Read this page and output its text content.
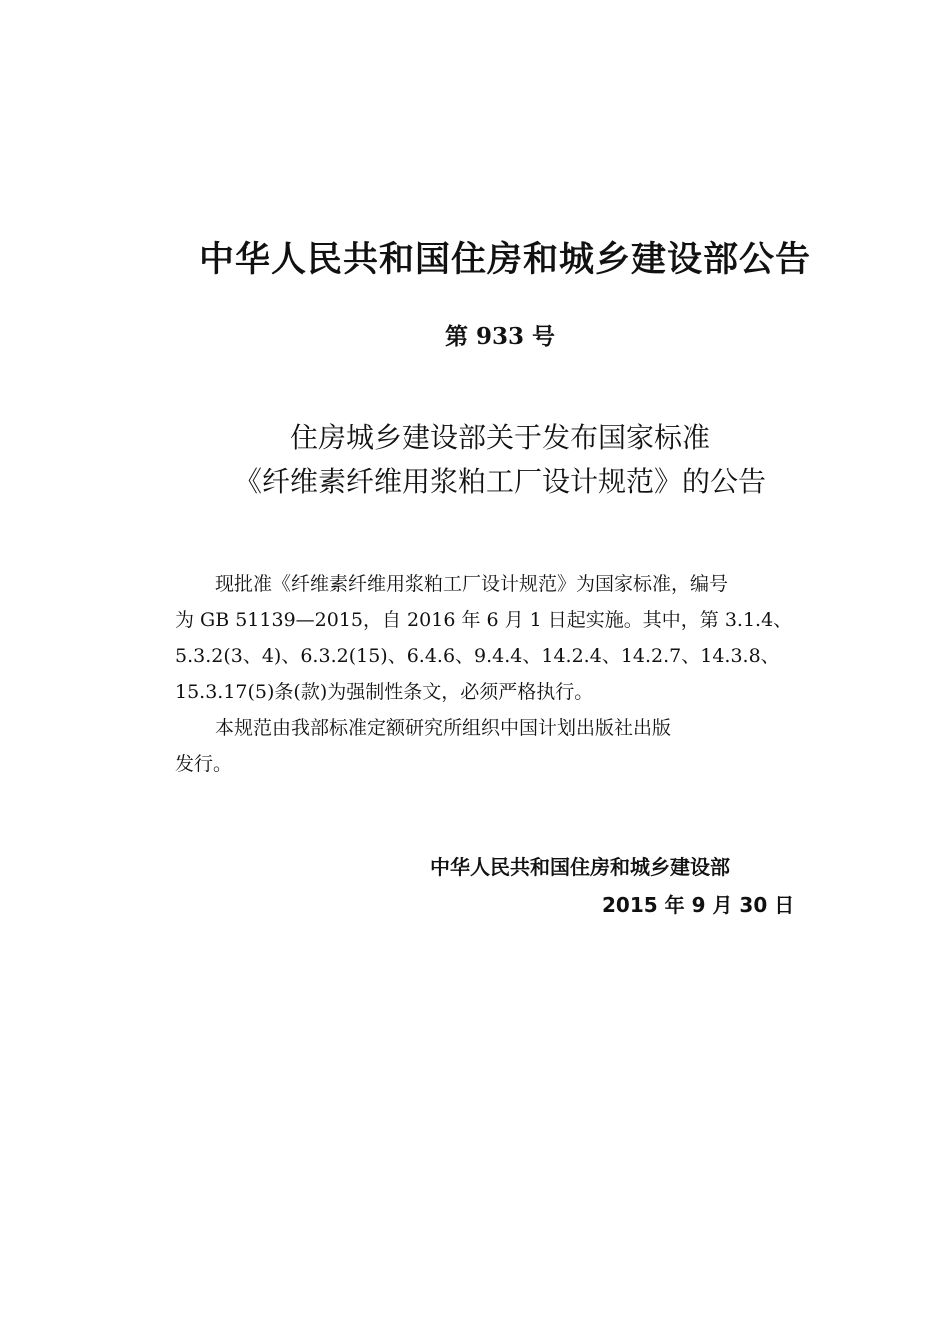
中华人民共和国住房和城乡建设部公告
第 933 号
住房城乡建设部关于发布国家标准
《纤维素纤维用浆粕工厂设计规范》的公告
现批准《纤维素纤维用浆粕工厂设计规范》为国家标准，编号
为 GB 51139—2015，自 2016 年 6 月 1 日起实施。其中，第 3.1.4、
5.3.2(3、4)、6.3.2(15)、6.4.6、9.4.4、14.2.4、14.2.7、14.3.8、
15.3.17(5)条(款)为强制性条文，必须严格执行。
本规范由我部标准定额研究所组织中国计划出版社出版
发行。
中华人民共和国住房和城乡建设部
2015 年 9 月 30 日
